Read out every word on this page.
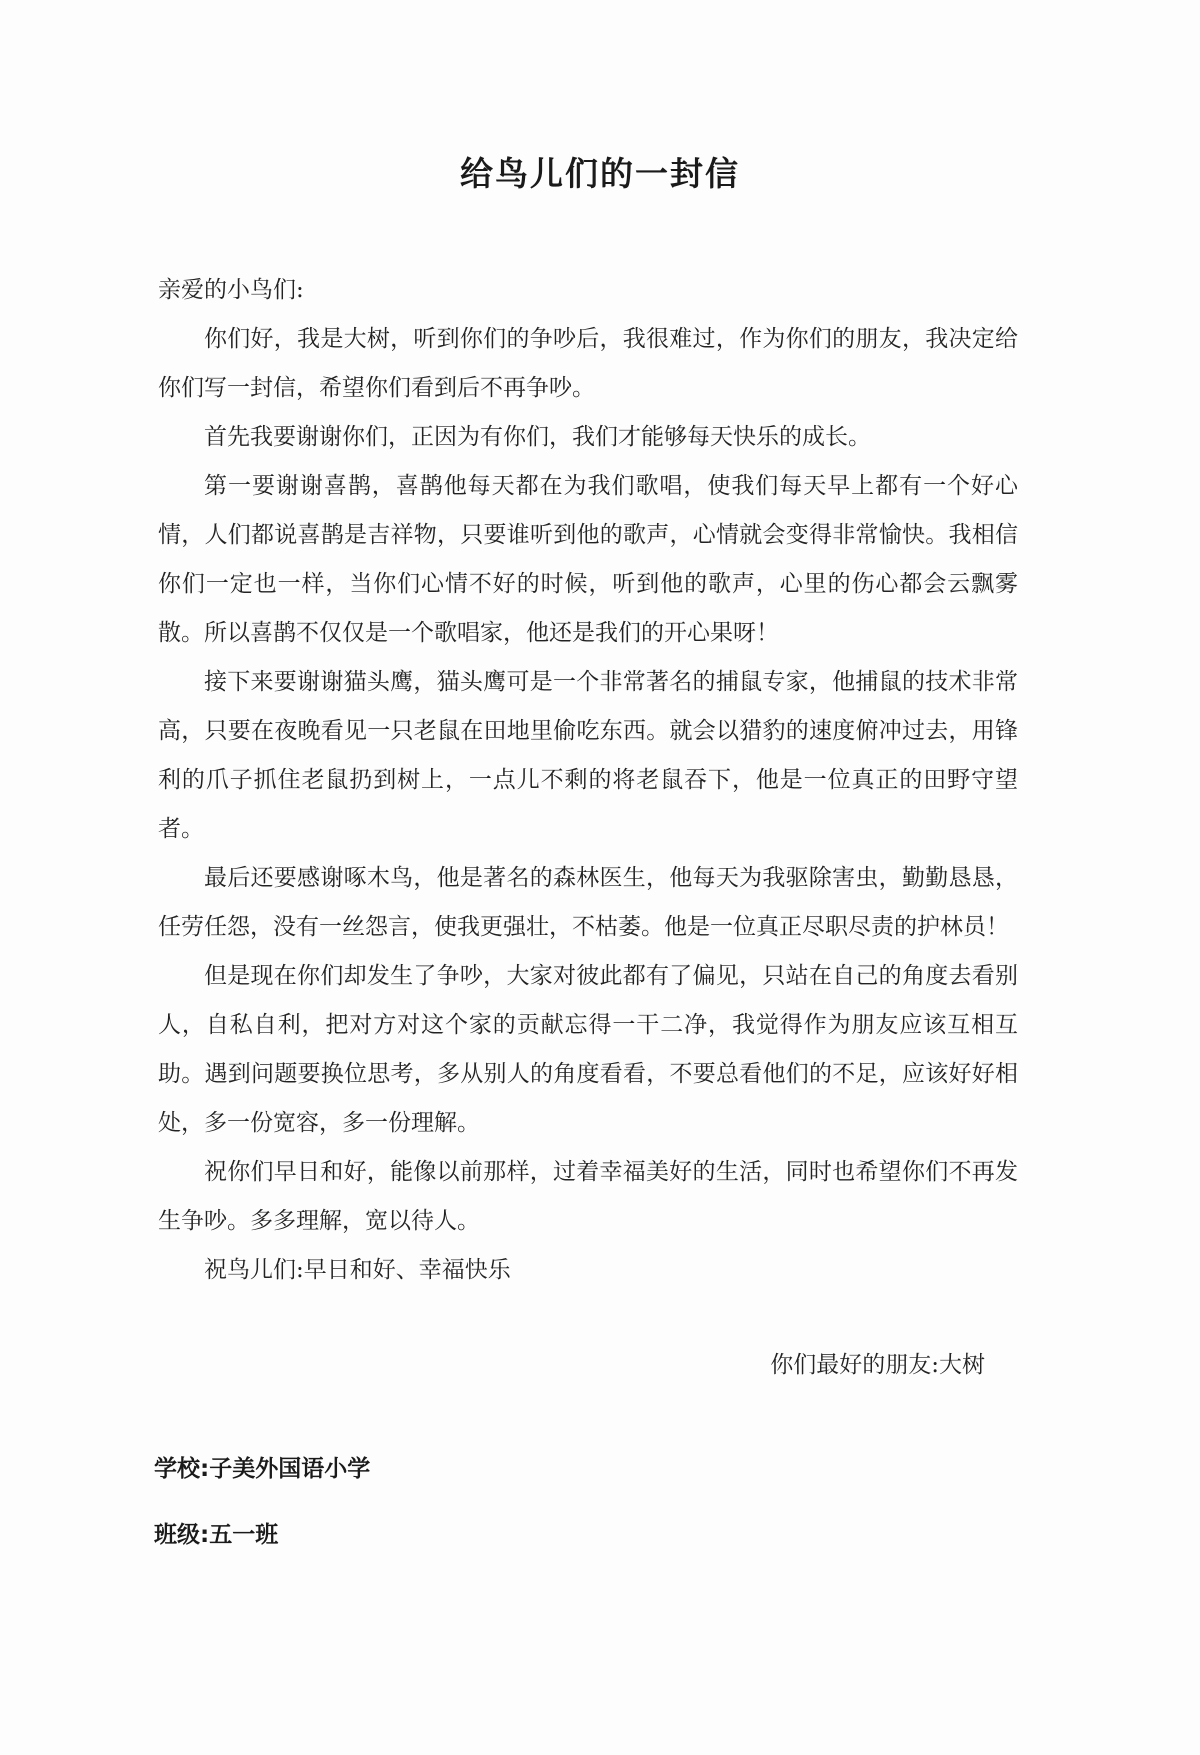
给鸟儿们的一封信

亲爱的小鸟们:

你们好，我是大树，听到你们的争吵后，我很难过，作为你们的朋友，我决定给你们写一封信，希望你们看到后不再争吵。

首先我要谢谢你们，正因为有你们，我们才能够每天快乐的成长。

第一要谢谢喜鹊，喜鹊他每天都在为我们歌唱，使我们每天早上都有一个好心情，人们都说喜鹊是吉祥物，只要谁听到他的歌声，心情就会变得非常愉快。我相信你们一定也一样，当你们心情不好的时候，听到他的歌声，心里的伤心都会云飘雾散。所以喜鹊不仅仅是一个歌唱家，他还是我们的开心果呀！

接下来要谢谢猫头鹰，猫头鹰可是一个非常著名的捕鼠专家，他捕鼠的技术非常高，只要在夜晚看见一只老鼠在田地里偷吃东西。就会以猎豹的速度俯冲过去，用锋利的爪子抓住老鼠扔到树上，一点儿不剩的将老鼠吞下，他是一位真正的田野守望者。

最后还要感谢啄木鸟，他是著名的森林医生，他每天为我驱除害虫，勤勤恳恳，任劳任怨，没有一丝怨言，使我更强壮，不枯萎。他是一位真正尽职尽责的护林员！

但是现在你们却发生了争吵，大家对彼此都有了偏见，只站在自己的角度去看别人，自私自利，把对方对这个家的贡献忘得一干二净，我觉得作为朋友应该互相互助。遇到问题要换位思考，多从别人的角度看看，不要总看他们的不足，应该好好相处，多一份宽容，多一份理解。

祝你们早日和好，能像以前那样，过着幸福美好的生活，同时也希望你们不再发生争吵。多多理解，宽以待人。

祝鸟儿们:早日和好、幸福快乐

你们最好的朋友:大树
学校:子美外国语小学
班级:五一班
